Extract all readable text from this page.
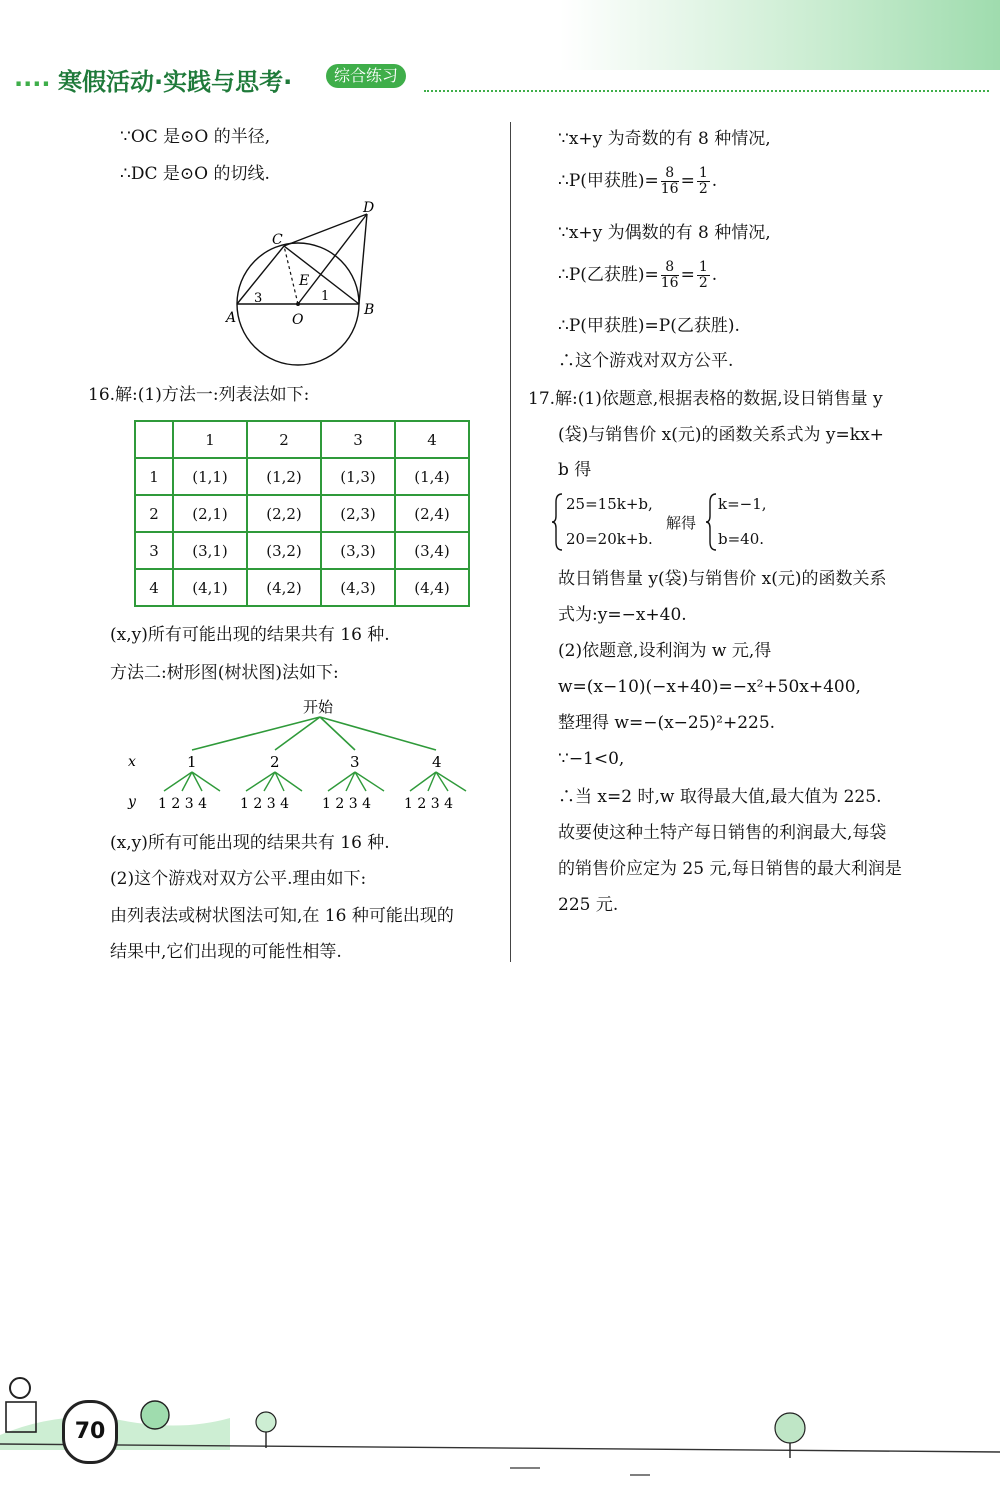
.... 寒假活动·实践与思考·	综合练习
∵OC 是⊙O 的半径,
∴DC 是⊙O 的切线.
D
C
E
A	O
B
3	1
16.解:(1)方法一:列表法如下:
	1	2	3	4
1	(1,1)	(1,2)	(1,3)	(1,4)
2	(2,1)	(2,2)	(2,3)	(2,4)
3	(3,1)	(3,2)	(3,3)	(3,4)
4	(4,1)	(4,2)	(4,3)	(4,4)
(x,y)所有可能出现的结果共有 16 种.
方法二:树形图(树状图)法如下:
开始
x
y
1	2	3	4
1 2 3 4 1 2 3 4 1 2 3 4 1 2 3 4
(x,y)所有可能出现的结果共有 16 种.
(2)这个游戏对双方公平.理由如下:
由列表法或树状图法可知,在 16 种可能出现的
结果中,它们出现的可能性相等.
∵x+y 为奇数的有 8 种情况,
∴P(甲获胜)= $\frac{8}{16} = \frac{1}{2}$ .
∵x+y 为偶数的有 8 种情况,
∴P(乙获胜)= $\frac{8}{16} = \frac{1}{2}$ .
∴P(甲获胜)=P(乙获胜).
∴这个游戏对双方公平.
17.解:(1)依题意,根据表格的数据,设日销售量 y
(袋)与销售价 x(元)的函数关系式为 y=kx+
b 得
25=15k+b,
20=20k+b.
解得
k=−1,
b=40.
故日销售量 y(袋)与销售价 x(元)的函数关系
式为:y=−x+40.
(2)依题意,设利润为 w 元,得
w=(x−10)(−x+40)=−x²+50x+400,
整理得 w=−(x−25)²+225.
∵−1<0,
∴当 x=2 时,w 取得最大值,最大值为 225.
故要使这种土特产每日销售的利润最大,每袋
的销售价应定为 25 元,每日销售的最大利润是
225 元.
70
